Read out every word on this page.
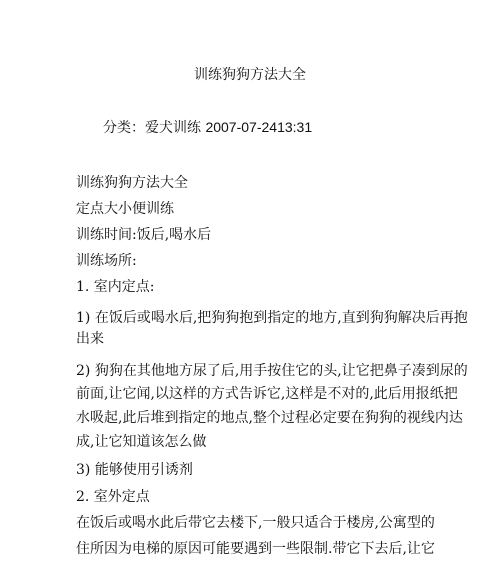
训练狗狗方法大全
分类：爱犬训练 2007-07-2413:31
训练狗狗方法大全
定点大小便训练
训练时间:饭后,喝水后
训练场所:
1. 室内定点:
1) 在饭后或喝水后,把狗狗抱到指定的地方,直到狗狗解决后再抱
出来
2) 狗狗在其他地方尿了后,用手按住它的头,让它把鼻子凑到尿的
前面,让它闻,以这样的方式告诉它,这样是不对的,此后用报纸把
水吸起,此后堆到指定的地点,整个过程必定要在狗狗的视线内达
成,让它知道该怎么做
3) 能够使用引诱剂
2. 室外定点
在饭后或喝水此后带它去楼下,一般只适合于楼房,公寓型的
住所因为电梯的原因可能要遇到一些限制.带它下去后,让它
